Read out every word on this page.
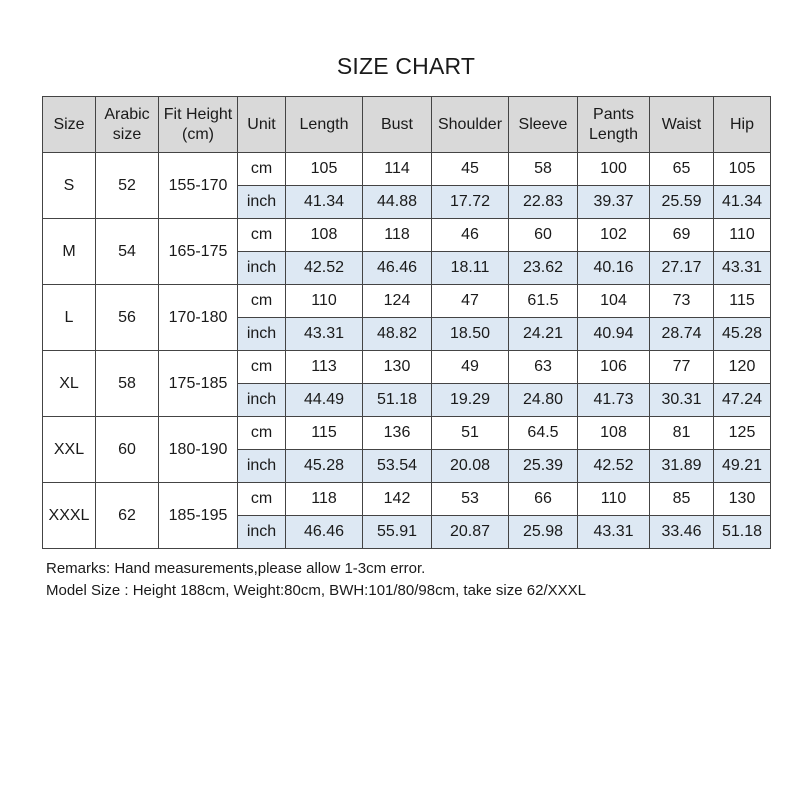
SIZE CHART
Size	Arabic size	Fit Height (cm)	Unit	Length	Bust	Shoulder	Sleeve	Pants Length	Waist	Hip
S	52	155-170	cm	105	114	45	58	100	65	105
			inch	41.34	44.88	17.72	22.83	39.37	25.59	41.34
M	54	165-175	cm	108	118	46	60	102	69	110
			inch	42.52	46.46	18.11	23.62	40.16	27.17	43.31
L	56	170-180	cm	110	124	47	61.5	104	73	115
			inch	43.31	48.82	18.50	24.21	40.94	28.74	45.28
XL	58	175-185	cm	113	130	49	63	106	77	120
			inch	44.49	51.18	19.29	24.80	41.73	30.31	47.24
XXL	60	180-190	cm	115	136	51	64.5	108	81	125
			inch	45.28	53.54	20.08	25.39	42.52	31.89	49.21
XXXL	62	185-195	cm	118	142	53	66	110	85	130
			inch	46.46	55.91	20.87	25.98	43.31	33.46	51.18
Remarks: Hand measurements,please allow 1-3cm error.
Model Size : Height 188cm, Weight:80cm, BWH:101/80/98cm, take size 62/XXXL
